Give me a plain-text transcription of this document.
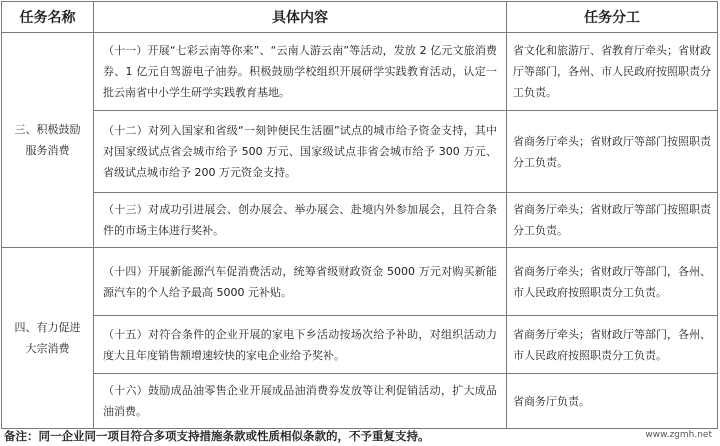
任务名称	具体内容	任务分工

三、积极鼓励
服务消费	（十一）开展“七彩云南等你来”、“云南人游云南”等活动，发放 2 亿元文旅消费券、1 亿元自驾游电子油券。积极鼓励学校组织开展研学实践教育活动，认定一批云南省中小学生研学实践教育基地。	省文化和旅游厅、省教育厅牵头；省财政厅等部门，各州、市人民政府按照职责分工负责。
	（十二）对列入国家和省级“一刻钟便民生活圈”试点的城市给予资金支持，其中对国家级试点省会城市给予 500 万元、国家级试点非省会城市给予 300 万元、省级试点城市给予 200 万元资金支持。	省商务厅牵头；省财政厅等部门按照职责分工负责。
	（十三）对成功引进展会、创办展会、举办展会、赴境内外参加展会，且符合条件的市场主体进行奖补。	省商务厅牵头；省财政厅等部门按照职责分工负责。

四、有力促进
大宗消费	（十四）开展新能源汽车促消费活动，统筹省级财政资金 5000 万元对购买新能源汽车的个人给予最高 5000 元补贴。	省商务厅牵头；省财政厅等部门，各州、市人民政府按照职责分工负责。
	（十五）对符合条件的企业开展的家电下乡活动按场次给予补助，对组织活动力度大且年度销售额增速较快的家电企业给予奖补。	省商务厅牵头；省财政厅等部门，各州、市人民政府按照职责分工负责。
	（十六）鼓励成品油零售企业开展成品油消费券发放等让利促销活动，扩大成品油消费。	省商务厅负责。
备注：同一企业同一项目符合多项支持措施条款或性质相似条款的，不予重复支持。	www.zgmh.net
